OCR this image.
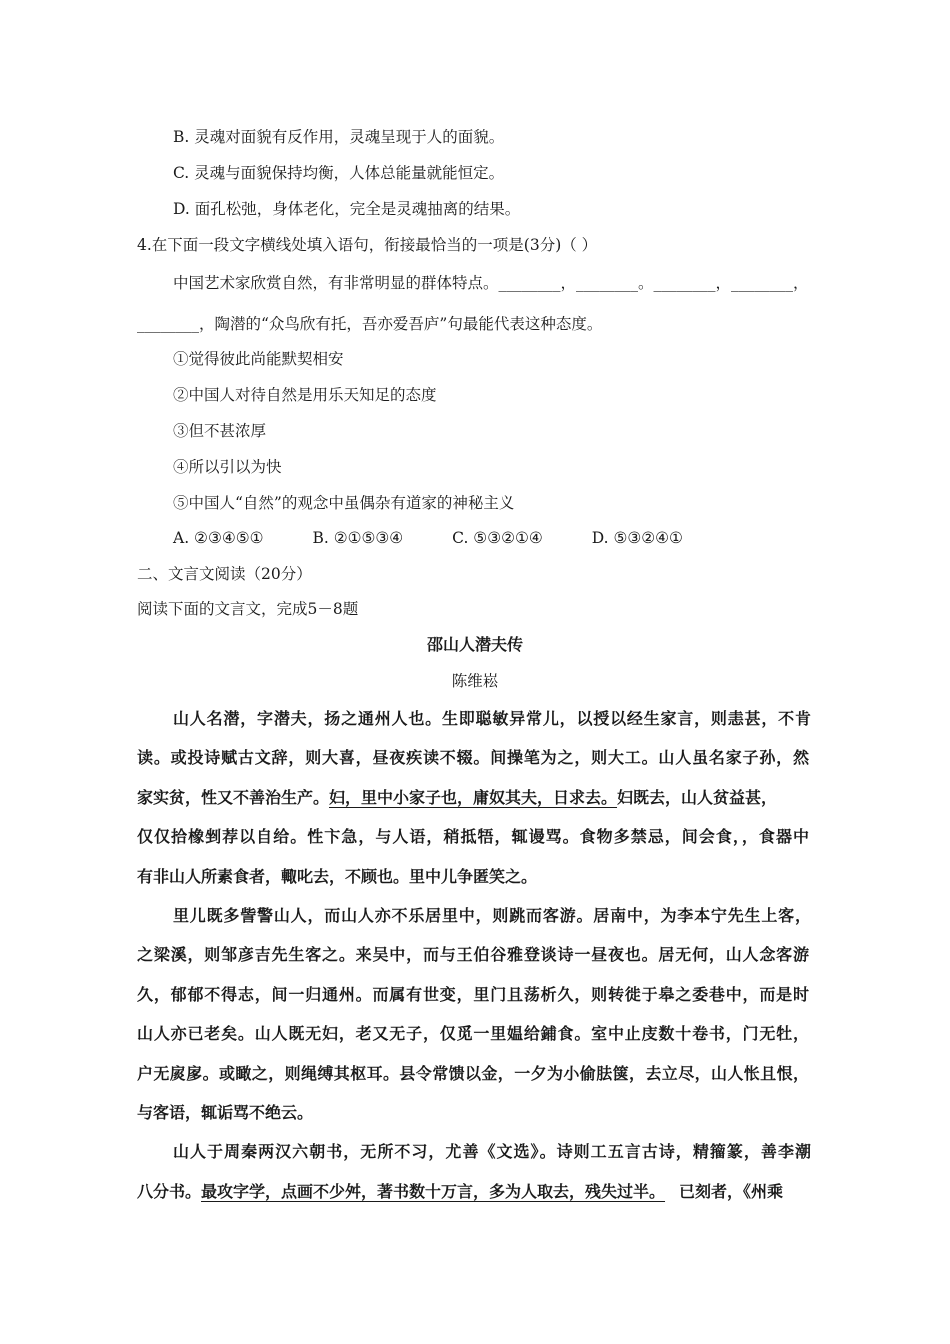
B. 灵魂对面貌有反作用，灵魂呈现于人的面貌。
C. 灵魂与面貌保持均衡，人体总能量就能恒定。
D. 面孔松弛，身体老化，完全是灵魂抽离的结果。
4.在下面一段文字横线处填入语句，衔接最恰当的一项是(3分)（ ）
中国艺术家欣赏自然，有非常明显的群体特点。________，________。________，________，
________，陶潜的“众鸟欣有托，吾亦爱吾庐”句最能代表这种态度。
①觉得彼此尚能默契相安
②中国人对待自然是用乐天知足的态度
③但不甚浓厚
④所以引以为快
⑤中国人“自然”的观念中虽偶杂有道家的神秘主义
A. ②③④⑤①	B. ②①⑤③④	C. ⑤③②①④	D. ⑤③②④①
二、文言文阅读（20分）
阅读下面的文言文，完成5－8题
邵山人潜夫传
陈维崧
山人名潜，字潜夫，扬之通州人也。生即聪敏异常儿，以授以经生家言，则恚甚，不肯
读。或投诗赋古文辞，则大喜，昼夜疾读不辍。间操笔为之，则大工。山人虽名家子孙，然
家实贫，性又不善治生产。妇，里中小家子也，庸奴其夫，日求去。妇既去，山人贫益甚，
仅仅拾橡剉荐以自给。性卞急，与人语，稍抵牾，辄谩骂。食物多禁忌，间会食，，食器中
有非山人所素食者，輙叱去，不顾也。里中儿争匿笑之。
里儿既多訾警山人，而山人亦不乐居里中，则跳而客游。居南中，为李本宁先生上客，
之梁溪，则邹彦吉先生客之。来吴中，而与王伯谷雅登谈诗一昼夜也。居无何，山人念客游
久，郁郁不得志，间一归通州。而属有世变，里门且荡析久，则转徙于皋之委巷中，而是时
山人亦已老矣。山人既无妇，老又无子，仅觅一里媪给鋪食。室中止庋数十卷书，门无牡，
户无扊扅。或瞰之，则绳缚其枢耳。县令常馈以金，一夕为小偷胠箧，去立尽，山人怅且恨，
与客语，辄诟骂不绝云。
山人于周秦两汉六朝书，无所不习，尤善《文选》。诗则工五言古诗，精籀篆，善李潮
八分书。最攻字学，点画不少舛，著书数十万言，多为人取去，残失过半。 已刻者，《州乘
